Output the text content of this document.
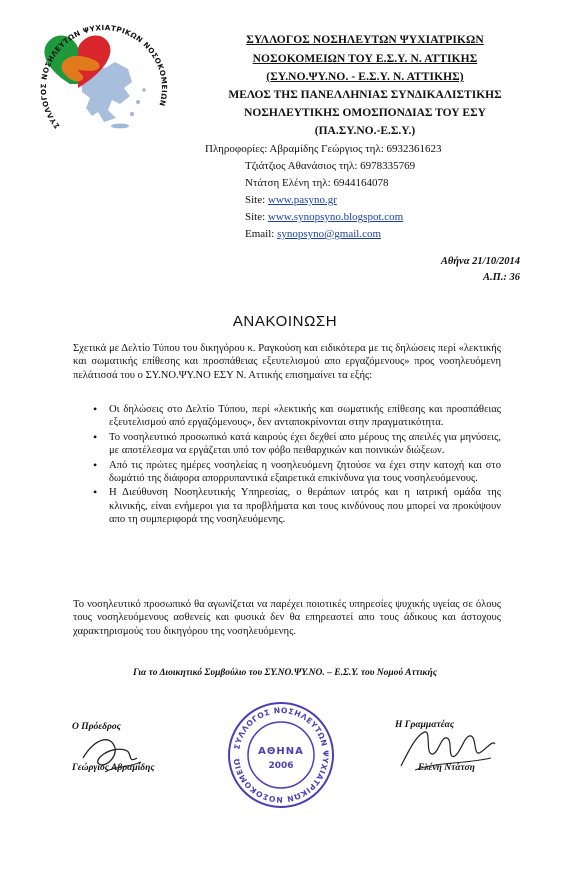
ΣΥΛΛΟΓΟΣ ΝΟΣΗΛΕΥΤΩΝ ΨΥΧΙΑΤΡΙΚΩΝ ΝΟΣΟΚΟΜΕΙΩΝ
ΣΥΛΛΟΓΟΣ ΝΟΣΗΛΕΥΤΩΝ ΨΥΧΙΑΤΡΙΚΩΝ
ΝΟΣΟΚΟΜΕΙΩΝ ΤΟΥ Ε.Σ.Υ. Ν. ΑΤΤΙΚΗΣ
(ΣΥ.ΝΟ.ΨΥ.ΝΟ. - Ε.Σ.Υ. Ν. ΑΤΤΙΚΗΣ)
ΜΕΛΟΣ ΤΗΣ ΠΑΝΕΛΛΗΝΙΑΣ ΣΥΝΔΙΚΑΛΙΣΤΙΚΗΣ
ΝΟΣΗΛΕΥΤΙΚΗΣ ΟΜΟΣΠΟΝΔΙΑΣ ΤΟΥ ΕΣΥ
(ΠΑ.ΣΥ.ΝΟ.-Ε.Σ.Υ.)
Πληροφορίες: Αβραμίδης Γεώργιος τηλ: 6932361623
Τζιάτζιος Αθανάσιος τηλ: 6978335769
Ντάτση Ελένη τηλ: 6944164078
Site: www.pasyno.gr
Site: www.synopsyno.blogspot.com
Email: synopsyno@gmail.com
Αθήνα 21/10/2014
Α.Π.: 36
ΑΝΑΚΟΙΝΩΣΗ
Σχετικά με Δελτίο Τύπου του δικηγόρου κ. Ραγκούση και ειδικότερα με τις δηλώσεις περί «λεκτικής και σωματικής επίθεσης και προσπάθειας εξευτελισμού απο εργαζόμενους» προς νοσηλευόμενη πελάτισσά του ο ΣΥ.ΝΟ.ΨΥ.ΝΟ ΕΣΥ Ν. Αττικής επισημαίνει τα εξής:
• Οι δηλώσεις στο Δελτίο Τύπου, περί «λεκτικής και σωματικής επίθεσης και προσπάθειας εξευτελισμού από εργαζόμενους», δεν ανταποκρίνονται στην πραγματικότητα.
• Το νοσηλευτικό προσωπικό κατά καιρούς έχει δεχθεί απο μέρους της απειλές για μηνύσεις, με αποτέλεσμα να εργάζεται υπό τον φόβο πειθαρχικών και ποινικών διώξεων.
• Από τις πρώτες ημέρες νοσηλείας η νοσηλευόμενη ζητούσε να έχει στην κατοχή και στο δωμάτιό της διάφορα απορρυπαντικά εξαιρετικά επικίνδυνα για τους νοσηλευόμενους.
• Η Διεύθυνση Νοσηλευτικής Υπηρεσίας, ο θεράπων ιατρός και η ιατρική ομάδα της κλινικής, είναι ενήμεροι για τα προβλήματα και τους κινδύνους που μπορεί να προκύψουν απο τη συμπεριφορά της νοσηλευόμενης.
Το νοσηλευτικό προσωπικό θα αγωνίζεται να παρέχει ποιοτικές υπηρεσίες ψυχικής υγείας σε όλους τους νοσηλευόμενους ασθενείς και φυσικά δεν θα επηρεαστεί απο τους άδικους και άστοχους χαρακτηρισμούς του δικηγόρου της νοσηλευόμενης.
Για το Διοικητικό Συμβούλιο του ΣΥ.ΝΟ.ΨΥ.ΝΟ. – Ε.Σ.Υ. του Νομού Αττικής
Ο Πρόεδρος
Γεώργιος Αβραμίδης
Η Γραμματέας
Ελένη Ντάτση
ΣΥΛΛΟΓΟΣ ΝΟΣΗΛΕΥΤΩΝ ΨΥΧΙΑΤΡΙΚΩΝ ΝΟΣΟΚΟΜΕΙΩ
ΑΘΗΝΑ
2006
